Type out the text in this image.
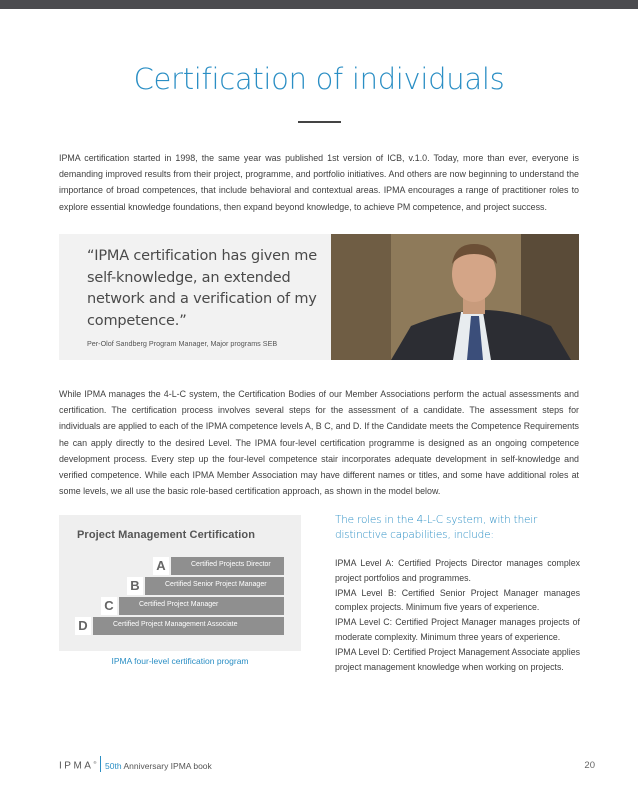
Certification of individuals

IPMA certification started in 1998, the same year was published 1st version of ICB, v.1.0. Today, more than ever, everyone is demanding improved results from their project, programme, and portfolio initiatives. And others are now beginning to understand the importance of broad competences, that include behavioral and contextual areas. IPMA encourages a range of practitioner roles to explore essential knowledge foundations, then expand beyond knowledge, to achieve PM competence, and project success.

“IPMA certification has given me self-knowledge, an extended network and a verification of my competence.”
Per-Olof Sandberg Program Manager, Major programs SEB

While IPMA manages the 4-L-C system, the Certification Bodies of our Member Associations perform the actual assessments and certification. The certification process involves several steps for the assessment of a candidate. The assessment steps for individuals are applied to each of the IPMA competence levels A, B C, and D. If the Candidate meets the Competence Requirements he can apply directly to the desired Level. The IPMA four-level certification programme is designed as an ongoing competence development process. Every step up the four-level competence stair incorporates adequate development in self-knowledge and verified competence. While each IPMA Member Association may have different names or titles, and some have additional roles at some levels, we all use the basic role-based certification approach, as shown in the model below.

Project Management Certification
Certified Projects Director
A
Certified Senior Project Manager
B
Certified Project Manager
C
Certified Project Management Associate
D
IPMA four-level certification program
The roles in the 4-L-C system, with their distinctive capabilities, include:
IPMA Level A: Certified Projects Director manages complex project portfolios and programmes.
IPMA Level B: Certified Senior Project Manager manages complex projects. Minimum five years of experience.
IPMA Level C: Certified Project Manager manages projects of moderate complexity. Minimum three years of experience.
IPMA Level D: Certified Project Management Associate applies project management knowledge when working on projects.
IPMA® 50th Anniversary IPMA book	20
